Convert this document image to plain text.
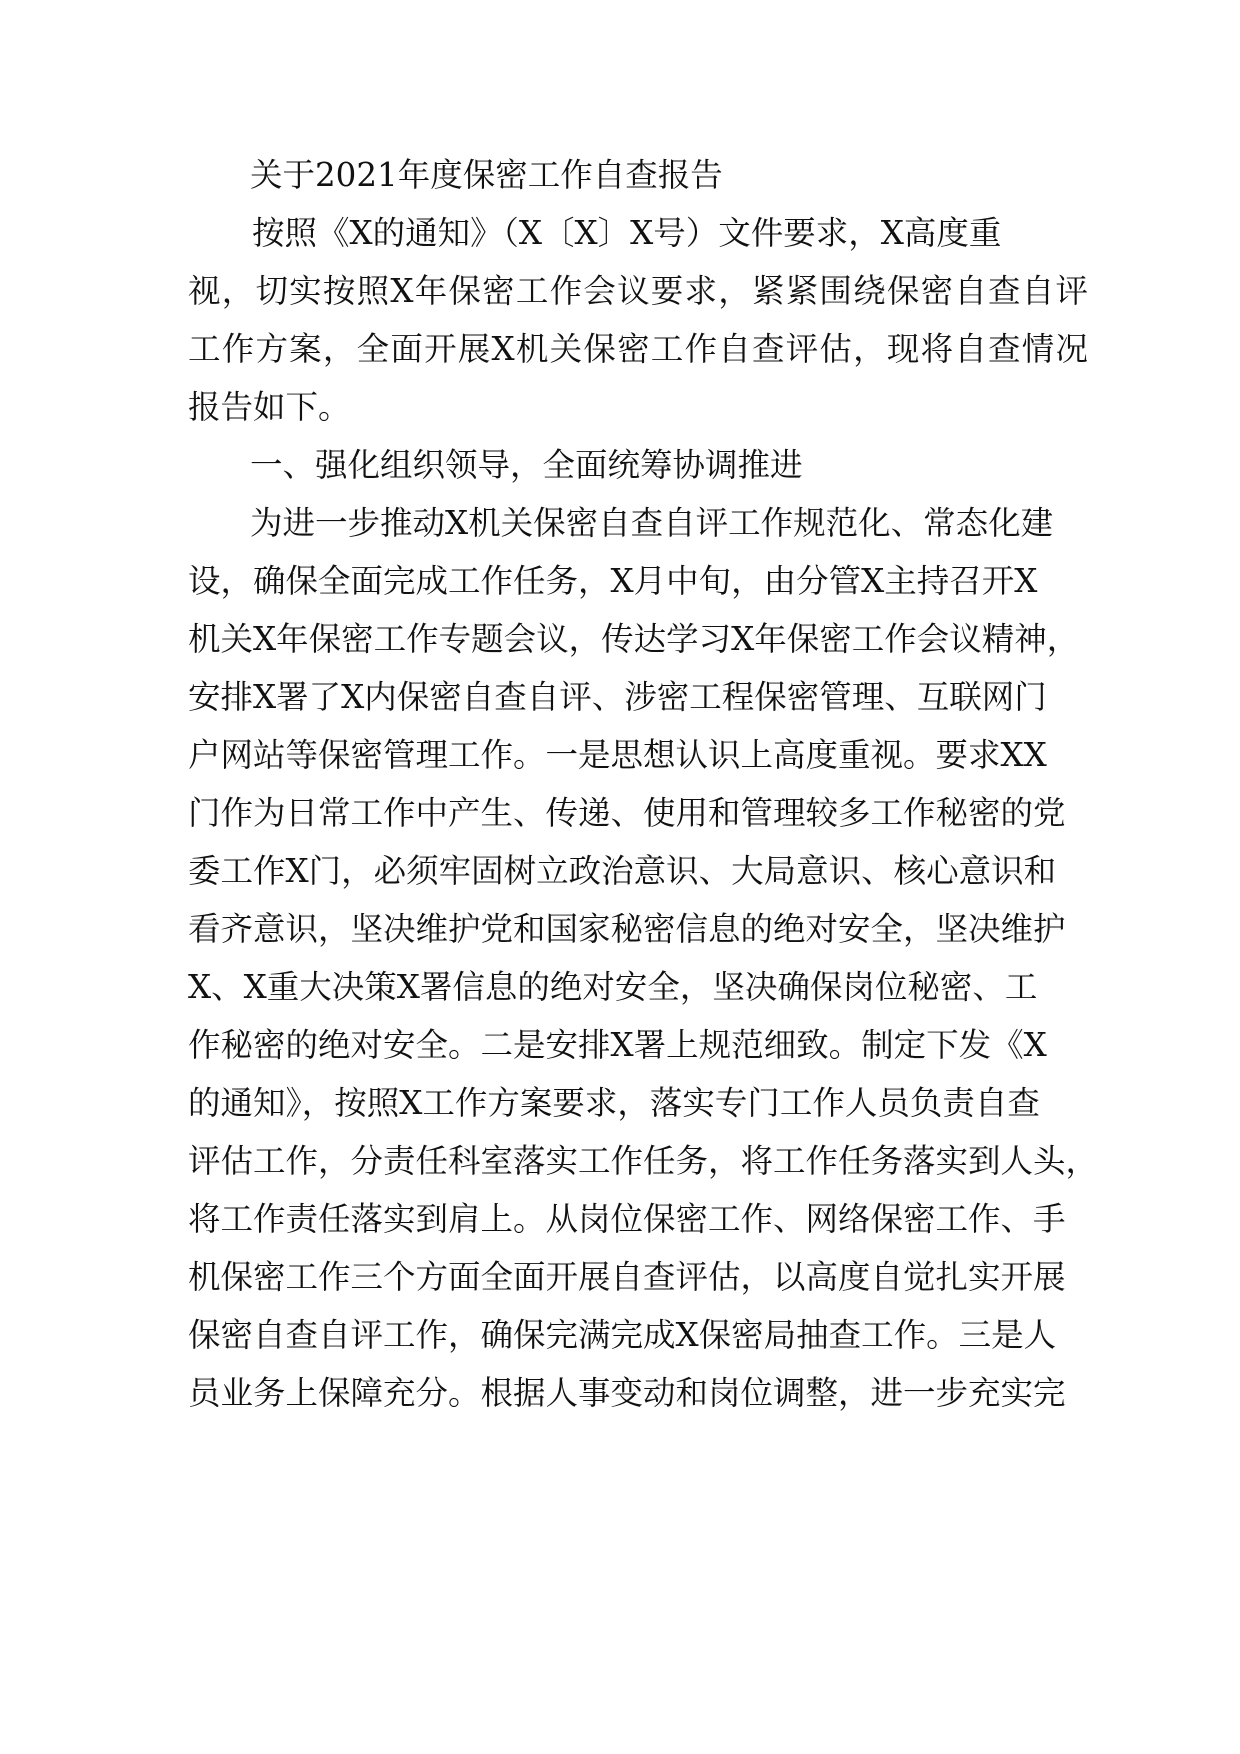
关于2021年度保密工作自查报告
按照《X的通知》（X〔X〕X号）文件要求，X高度重
视，切实按照X年保密工作会议要求，紧紧围绕保密自查自评
工作方案，全面开展X机关保密工作自查评估，现将自查情况
报告如下。
一、强化组织领导，全面统筹协调推进
为进一步推动X机关保密自查自评工作规范化、常态化建
设，确保全面完成工作任务，X月中旬，由分管X主持召开X
机关X年保密工作专题会议，传达学习X年保密工作会议精神，
安排X署了X内保密自查自评、涉密工程保密管理、互联网门
户网站等保密管理工作。一是思想认识上高度重视。要求XX
门作为日常工作中产生、传递、使用和管理较多工作秘密的党
委工作X门，必须牢固树立政治意识、大局意识、核心意识和
看齐意识，坚决维护党和国家秘密信息的绝对安全，坚决维护
X、X重大决策X署信息的绝对安全，坚决确保岗位秘密、工
作秘密的绝对安全。二是安排X署上规范细致。制定下发《X
的通知》，按照X工作方案要求，落实专门工作人员负责自查
评估工作，分责任科室落实工作任务，将工作任务落实到人头，
将工作责任落实到肩上。从岗位保密工作、网络保密工作、手
机保密工作三个方面全面开展自查评估，以高度自觉扎实开展
保密自查自评工作，确保完满完成X保密局抽查工作。三是人
员业务上保障充分。根据人事变动和岗位调整，进一步充实完
